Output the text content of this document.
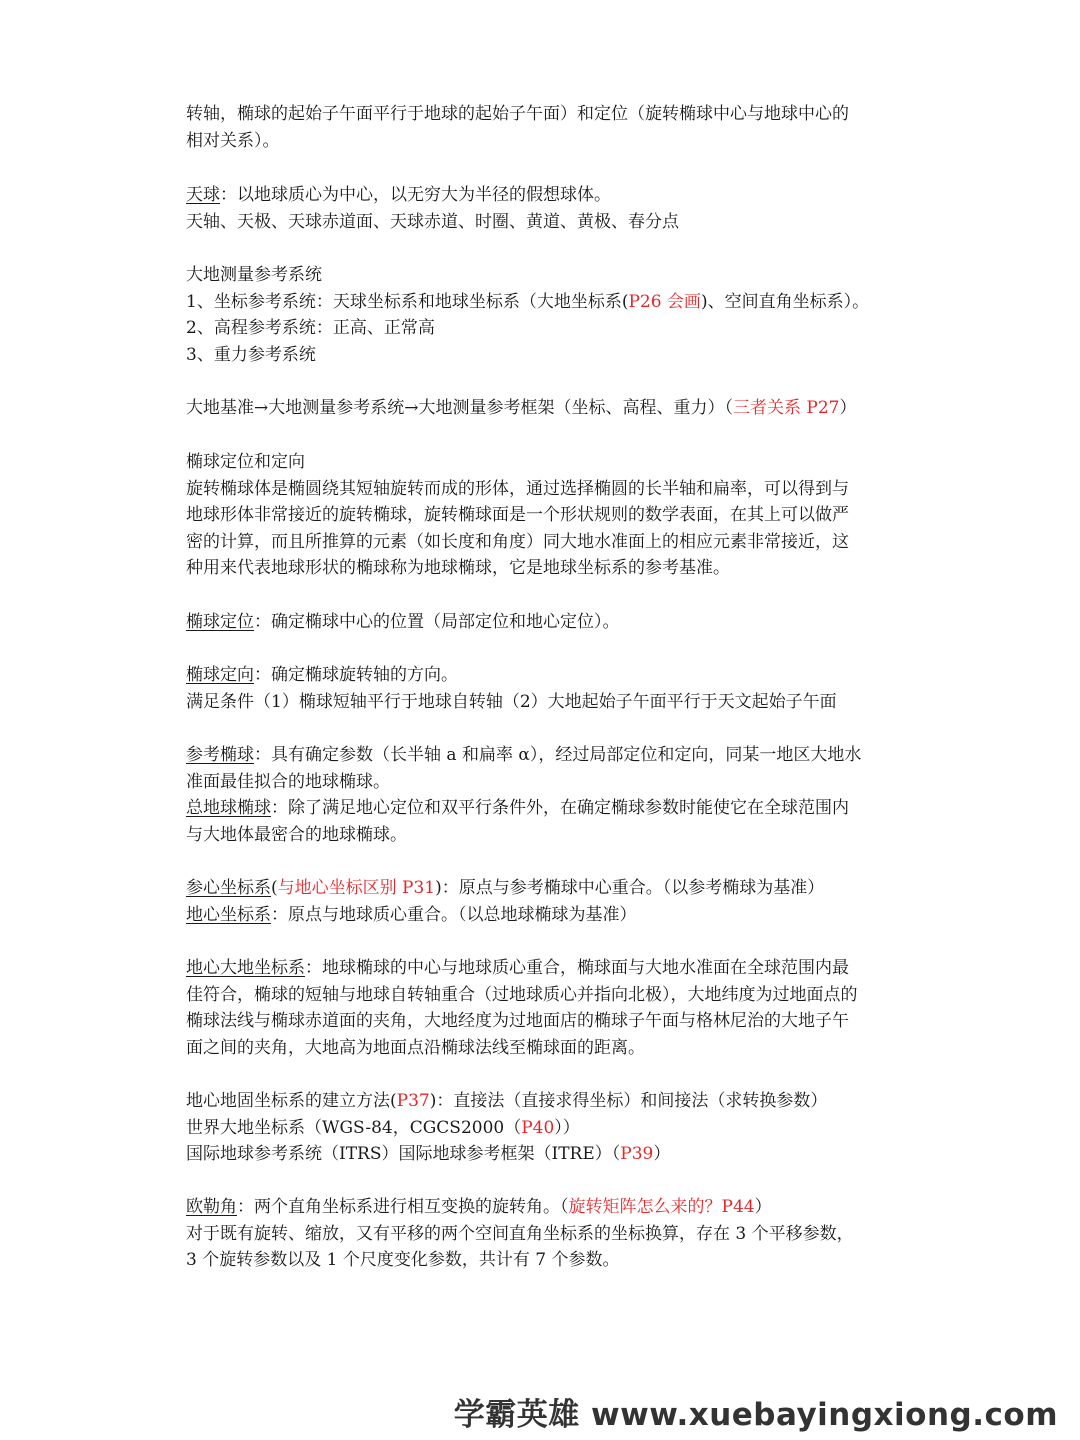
转轴，椭球的起始子午面平行于地球的起始子午面）和定位（旋转椭球中心与地球中心的
相对关系）。
天球：以地球质心为中心，以无穷大为半径的假想球体。
天轴、天极、天球赤道面、天球赤道、时圈、黄道、黄极、春分点
大地测量参考系统
1、坐标参考系统：天球坐标系和地球坐标系（大地坐标系(P26 会画)、空间直角坐标系）。
2、高程参考系统：正高、正常高
3、重力参考系统
大地基准→大地测量参考系统→大地测量参考框架（坐标、高程、重力）（三者关系 P27）
椭球定位和定向
旋转椭球体是椭圆绕其短轴旋转而成的形体，通过选择椭圆的长半轴和扁率，可以得到与
地球形体非常接近的旋转椭球，旋转椭球面是一个形状规则的数学表面，在其上可以做严
密的计算，而且所推算的元素（如长度和角度）同大地水准面上的相应元素非常接近，这
种用来代表地球形状的椭球称为地球椭球，它是地球坐标系的参考基准。
椭球定位：确定椭球中心的位置（局部定位和地心定位）。
椭球定向：确定椭球旋转轴的方向。
满足条件（1）椭球短轴平行于地球自转轴（2）大地起始子午面平行于天文起始子午面
参考椭球：具有确定参数（长半轴 a 和扁率 α），经过局部定位和定向，同某一地区大地水
准面最佳拟合的地球椭球。
总地球椭球：除了满足地心定位和双平行条件外，在确定椭球参数时能使它在全球范围内
与大地体最密合的地球椭球。
参心坐标系(与地心坐标区别 P31)：原点与参考椭球中心重合。（以参考椭球为基准）
地心坐标系：原点与地球质心重合。（以总地球椭球为基准）
地心大地坐标系：地球椭球的中心与地球质心重合，椭球面与大地水准面在全球范围内最
佳符合，椭球的短轴与地球自转轴重合（过地球质心并指向北极），大地纬度为过地面点的
椭球法线与椭球赤道面的夹角，大地经度为过地面店的椭球子午面与格林尼治的大地子午
面之间的夹角，大地高为地面点沿椭球法线至椭球面的距离。
地心地固坐标系的建立方法(P37)：直接法（直接求得坐标）和间接法（求转换参数）
世界大地坐标系（WGS-84，CGCS2000（P40））
国际地球参考系统（ITRS）国际地球参考框架（ITRE）（P39）
欧勒角：两个直角坐标系进行相互变换的旋转角。（旋转矩阵怎么来的？P44）
对于既有旋转、缩放，又有平移的两个空间直角坐标系的坐标换算，存在 3 个平移参数，
3 个旋转参数以及 1 个尺度变化参数，共计有 7 个参数。
学霸英雄 www.xuebayingxiong.com
